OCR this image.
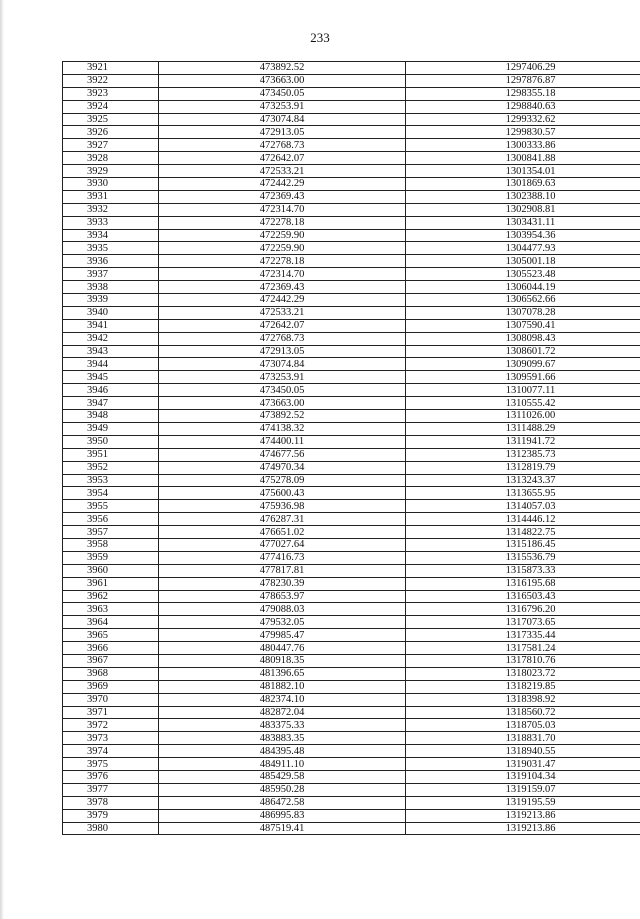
233
3921	473892.52	1297406.29
3922	473663.00	1297876.87
3923	473450.05	1298355.18
3924	473253.91	1298840.63
3925	473074.84	1299332.62
3926	472913.05	1299830.57
3927	472768.73	1300333.86
3928	472642.07	1300841.88
3929	472533.21	1301354.01
3930	472442.29	1301869.63
3931	472369.43	1302388.10
3932	472314.70	1302908.81
3933	472278.18	1303431.11
3934	472259.90	1303954.36
3935	472259.90	1304477.93
3936	472278.18	1305001.18
3937	472314.70	1305523.48
3938	472369.43	1306044.19
3939	472442.29	1306562.66
3940	472533.21	1307078.28
3941	472642.07	1307590.41
3942	472768.73	1308098.43
3943	472913.05	1308601.72
3944	473074.84	1309099.67
3945	473253.91	1309591.66
3946	473450.05	1310077.11
3947	473663.00	1310555.42
3948	473892.52	1311026.00
3949	474138.32	1311488.29
3950	474400.11	1311941.72
3951	474677.56	1312385.73
3952	474970.34	1312819.79
3953	475278.09	1313243.37
3954	475600.43	1313655.95
3955	475936.98	1314057.03
3956	476287.31	1314446.12
3957	476651.02	1314822.75
3958	477027.64	1315186.45
3959	477416.73	1315536.79
3960	477817.81	1315873.33
3961	478230.39	1316195.68
3962	478653.97	1316503.43
3963	479088.03	1316796.20
3964	479532.05	1317073.65
3965	479985.47	1317335.44
3966	480447.76	1317581.24
3967	480918.35	1317810.76
3968	481396.65	1318023.72
3969	481882.10	1318219.85
3970	482374.10	1318398.92
3971	482872.04	1318560.72
3972	483375.33	1318705.03
3973	483883.35	1318831.70
3974	484395.48	1318940.55
3975	484911.10	1319031.47
3976	485429.58	1319104.34
3977	485950.28	1319159.07
3978	486472.58	1319195.59
3979	486995.83	1319213.86
3980	487519.41	1319213.86
